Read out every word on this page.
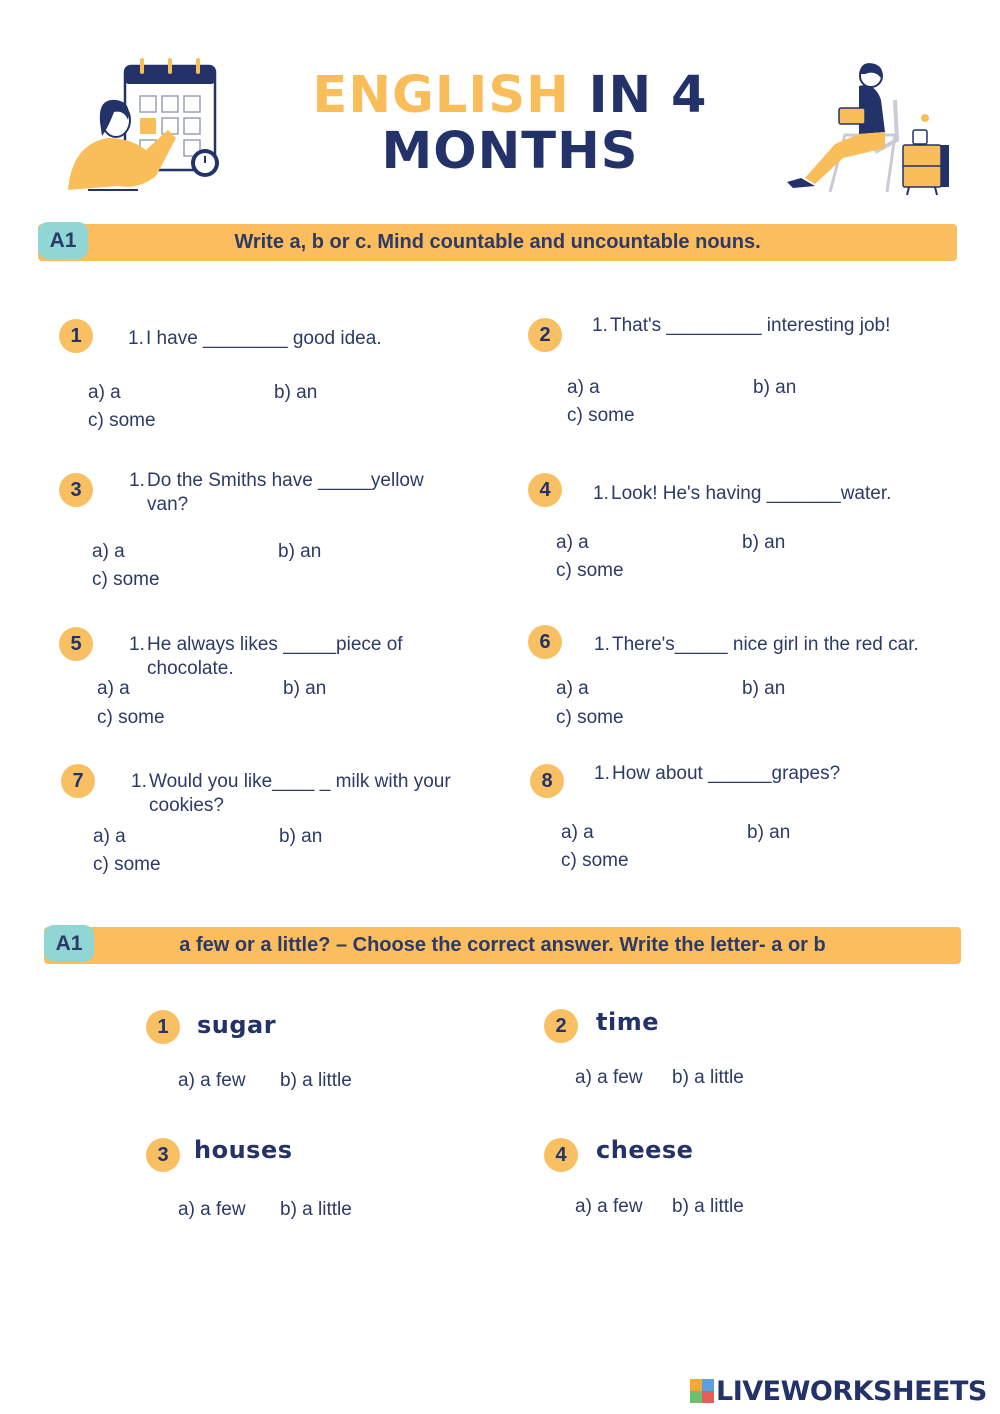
ENGLISH IN 4
MONTHS
Write a, b or c. Mind countable and uncountable nouns.
A1
1	1. I have ________ good idea.
a) a	b) an
c) some
2	1. That's _________ interesting job!
a) a	b) an
c) some
3	1. Do the Smiths have _____yellow van?
a) a	b) an
c) some
4	1. Look! He's having _______water.
a) a	b) an
c) some
5	1. He always likes _____piece of chocolate.
a) a	b) an
c) some
6	1. There's_____ nice girl in the red car.
a) a	b) an
c) some
7	1. Would you like____ _ milk with your cookies?
a) a	b) an
c) some
8	1. How about ______grapes?
a) a	b) an
c) some
a few or a little? – Choose the correct answer. Write the letter- a or b
A1
1	sugar
a) a few b) a little
2	time
a) a few b) a little
3	houses
a) a few b) a little
4	cheese
a) a few b) a little
LIVEWORKSHEETS
